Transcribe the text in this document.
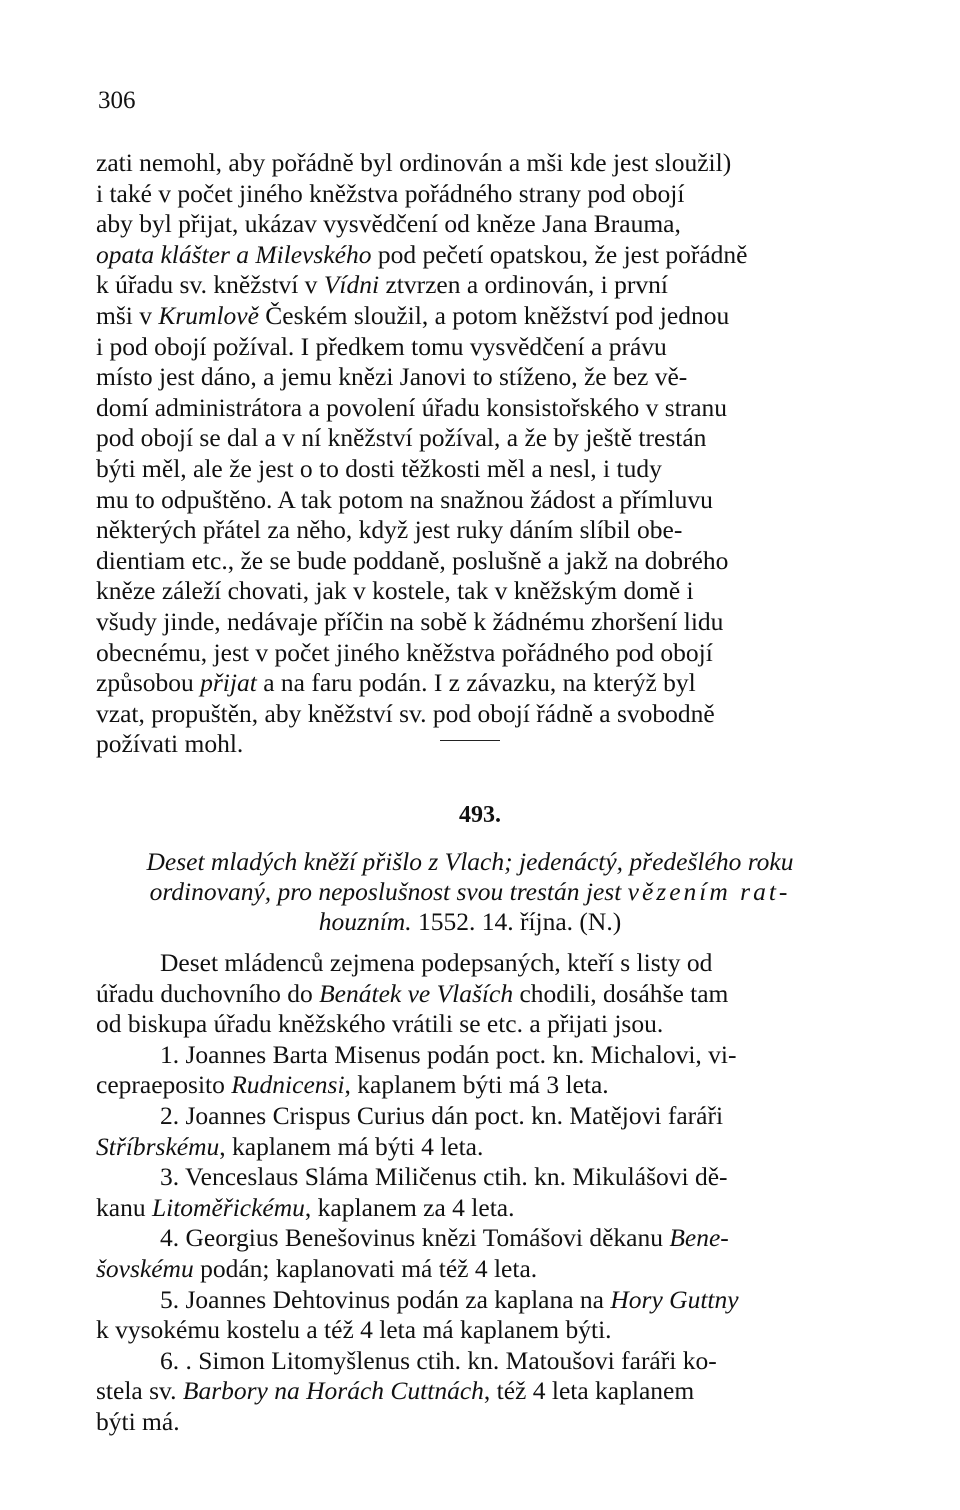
306
zati nemohl, aby pořádně byl ordinován a mši kde jest sloužil)
i také v počet jiného kněžstva pořádného strany pod obojí
aby byl přijat, ukázav vysvědčení od kněze Jana Brauma,
opata klášter a Milevského pod pečetí opatskou, že jest pořádně
k úřadu sv. kněžství v Vídni ztvrzen a ordinován, i první
mši v Krumlově Českém sloužil, a potom kněžství pod jednou
i pod obojí požíval. I předkem tomu vysvědčení a právu
místo jest dáno, a jemu knězi Janovi to stíženo, že bez vě-
domí administrátora a povolení úřadu konsistořského v stranu
pod obojí se dal a v ní kněžství požíval, a že by ještě trestán
býti měl, ale že jest o to dosti těžkosti měl a nesl, i tudy
mu to odpuštěno. A tak potom na snažnou žádost a přímluvu
některých přátel za něho, když jest ruky dáním slíbil obe-
dientiam etc., že se bude poddaně, poslušně a jakž na dobrého
kněze záleží chovati, jak v kostele, tak v kněžským domě i
všudy jinde, nedávaje příčin na sobě k žádnému zhoršení lidu
obecnému, jest v počet jiného kněžstva pořádného pod obojí
způsobou přijat a na faru podán. I z závazku, na kterýž byl
vzat, propuštěn, aby kněžství sv. pod obojí řádně a svobodně
požívati mohl.
493.
Deset mladých kněží přišlo z Vlach; jedenáctý, předešlého roku
ordinovaný, pro neposlušnost svou trestán jest vězením rat-
houzním. 1552. 14. října. (N.)
Deset mládenců zejmena podepsaných, kteří s listy od
úřadu duchovního do Benátek ve Vlaších chodili, dosáhše tam
od biskupa úřadu kněžského vrátili se etc. a přijati jsou.
1. Joannes Barta Misenus podán poct. kn. Michalovi, vi-
cepraeposito Rudnicensi, kaplanem býti má 3 leta.
2. Joannes Crispus Curius dán poct. kn. Matějovi faráři
Stříbrskému, kaplanem má býti 4 leta.
3. Venceslaus Sláma Miličenus ctih. kn. Mikulášovi dě-
kanu Litoměřickému, kaplanem za 4 leta.
4. Georgius Benešovinus knězi Tomášovi děkanu Bene-
šovskému podán; kaplanovati má též 4 leta.
5. Joannes Dehtovinus podán za kaplana na Hory Guttny
k vysokému kostelu a též 4 leta má kaplanem býti.
6. . Simon Litomyšlenus ctih. kn. Matoušovi faráři ko-
stela sv. Barbory na Horách Cuttnách, též 4 leta kaplanem
býti má.
